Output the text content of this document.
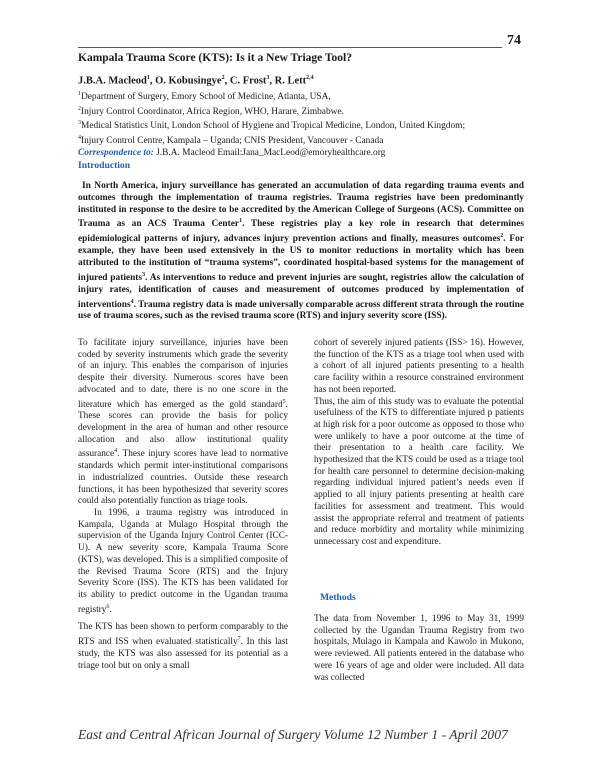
74
Kampala Trauma Score (KTS): Is it a New Triage Tool?
J.B.A. Macleod$^1$, O. Kobusingye$^2$, C. Frost$^3$, R. Lett$^{2,4}$
$^1$Department of Surgery, Emory School of Medicine, Atlanta, USA,
$^2$Injury Control Coordinator, Africa Region, WHO, Harare, Zimbabwe.
$^3$Medical Statistics Unit, London School of Hygiene and Tropical Medicine, London, United Kingdom;
$^4$Injury Control Centre, Kampala – Uganda; CNIS President, Vancouver - Canada
Correspondence to: J.B.A. Macleod Email:Jana_MacLeod@emoryhealthcare.org
Introduction
In North America, injury surveillance has generated an accumulation of data regarding trauma events and outcomes through the implementation of trauma registries. Trauma registries have been predominantly instituted in response to the desire to be accredited by the American College of Surgeons (ACS). Committee on Trauma as an ACS Trauma Center$^1$. These registries play a key role in research that determines epidemiological patterns of injury, advances injury prevention actions and finally, measures outcomes$^2$. For example, they have been used extensively in the US to monitor reductions in mortality which has been attributed to the institution of “trauma systems”, coordinated hospital-based systems for the management of injured patients$^3$. As interventions to reduce and prevent injuries are sought, registries allow the calculation of injury rates, identification of causes and measurement of outcomes produced by implementation of interventions$^4$. Trauma registry data is made universally comparable across different strata through the routine use of trauma scores, such as the revised trauma score (RTS) and injury severity score (ISS).

To facilitate injury surveillance, injuries have been coded by severity instruments which grade the severity of an injury. This enables the comparison of injuries despite their diversity. Numerous scores have been advocated and to date, there is no one score in the literature which has emerged as the gold standard$^5$. These scores can provide the basis for policy development in the area of human and other resource allocation and also allow institutional quality assurance$^4$. These injury scores have lead to normative standards which permit inter-institutional comparisons in industrialized countries. Outside these research functions, it has been hypothesized that severity scores could also potentially function as triage tools.

In 1996, a trauma registry was introduced in Kampala, Uganda at Mulago Hospital through the supervision of the Uganda Injury Control Center (ICC-U). A new severity score, Kampala Trauma Score (KTS), was developed. This is a simplified composite of the Revised Trauma Score (RTS) and the Injury Severity Score (ISS). The KTS has been validated for its ability to predict outcome in the Ugandan trauma registry$^6$.

The KTS has been shown to perform comparably to the RTS and ISS when evaluated statistically$^7$. In this last study, the KTS was also assessed for its potential as a triage tool but on only a small

cohort of severely injured patients (ISS> 16). However, the function of the KTS as a triage tool when used with a cohort of all injured patients presenting to a health care facility within a resource constrained environment has not been reported.

Thus, the aim of this study was to evaluate the potential usefulness of the KTS to differentiate injured p patients at high risk for a poor outcome as opposed to those who were unlikely to have a poor outcome at the time of their presentation to a health care facility. We hypothesized that the KTS could be used as a triage tool for health care personnel to determine decision-making regarding individual injured patient’s needs even if applied to all injury patients presenting at health care facilities for assessment and treatment. This would assist the appropriate referral and treatment of patients and reduce morbidity and mortality while minimizing unnecessary cost and expenditure.

Methods

The data from November 1, 1996 to May 31, 1999 collected by the Ugandan Trauma Registry from two hospitals, Mulago in Kampala and Kawolo in Mukono, were reviewed. All patients entered in the database who were 16 years of age and older were included. All data was collected

East and Central African Journal of Surgery Volume 12 Number 1 - April 2007
